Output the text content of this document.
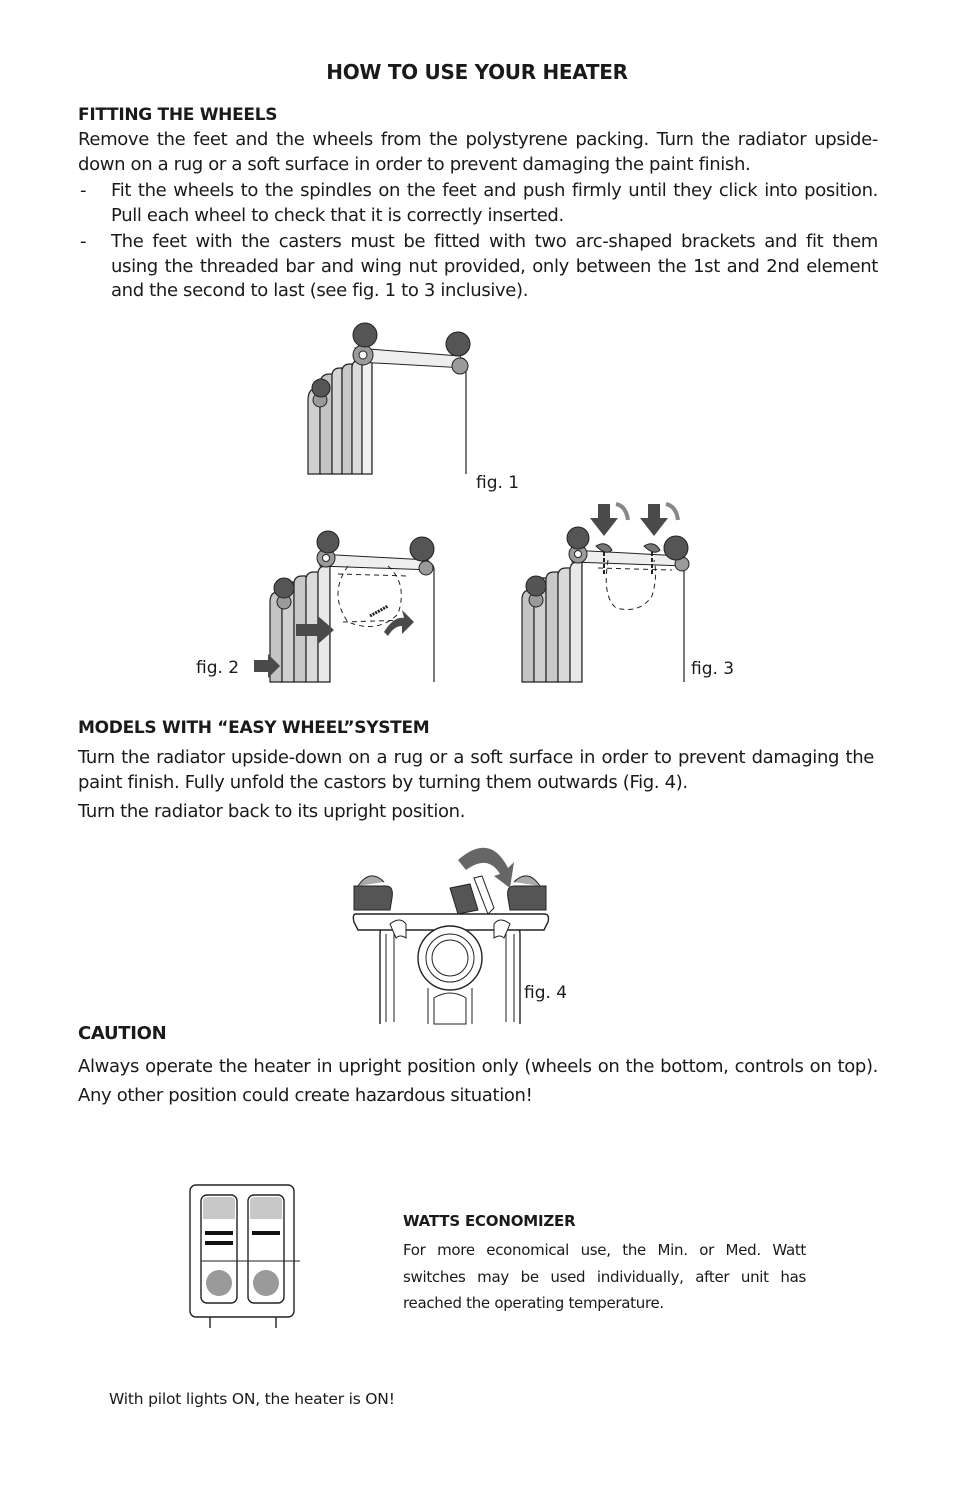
HOW TO USE YOUR HEATER
FITTING THE WHEELS
Remove the feet and the wheels from the polystyrene packing. Turn the radiator upside-down on a rug or a soft surface in order to prevent damaging the paint finish.
- Fit the wheels to the spindles on the feet and push firmly until they click into position. Pull each wheel to check that it is correctly inserted.
- The feet with the casters must be fitted with two arc-shaped brackets and fit them using the threaded bar and wing nut provided, only between the 1st and 2nd element and the second to last (see fig. 1 to 3 inclusive).
fig. 1
fig. 2	fig. 3
MODELS WITH “EASY WHEEL”SYSTEM
Turn the radiator upside-down on a rug or a soft surface in order to prevent damaging the paint finish. Fully unfold the castors by turning them outwards (Fig. 4).
Turn the radiator back to its upright position.
fig. 4
CAUTION
Always operate the heater in upright position only (wheels on the bottom, controls on top). Any other position could create hazardous situation!
WATTS ECONOMIZER
For more economical use, the Min. or Med. Watt switches may be used individually, after unit has reached the operating temperature.
With pilot lights ON, the heater is ON!
